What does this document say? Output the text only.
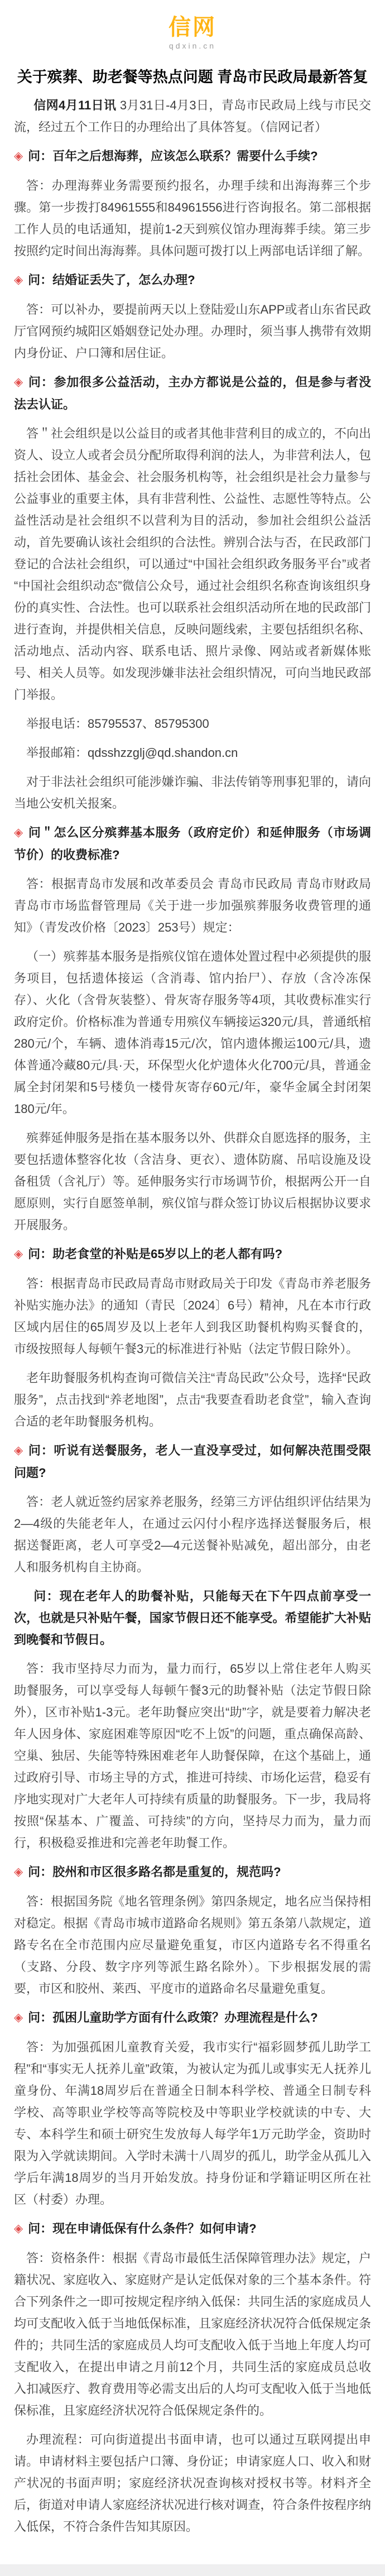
信网
qdxin.cn
关于殡葬、助老餐等热点问题 青岛市民政局最新答复

信网4月11日讯 3月31日-4月3日，青岛市民政局上线与市民交流，经过五个工作日的办理给出了具体答复。（信网记者）

◈ 问：百年之后想海葬，应该怎么联系？需要什么手续?

答：办理海葬业务需要预约报名，办理手续和出海海葬三个步骤。第一步拨打84961555和84961556进行咨询报名。第二部根据工作人员的电话通知，提前1-2天到殡仪馆办理海葬手续。第三步按照约定时间出海海葬。具体问题可拨打以上两部电话详细了解。

◈ 问：结婚证丢失了，怎么办理?

答：可以补办，要提前两天以上登陆爱山东APP或者山东省民政厅官网预约城阳区婚姻登记处办理。办理时，须当事人携带有效期内身份证、户口簿和居住证。

◈ 问：参加很多公益活动，主办方都说是公益的，但是参与者没法去认证。

答＂社会组织是以公益目的或者其他非营利目的成立的，不向出资人、设立人或者会员分配所取得利润的法人，为非营利法人，包括社会团体、基金会、社会服务机构等，社会组织是社会力量参与公益事业的重要主体，具有非营利性、公益性、志愿性等特点。公益性活动是社会组织不以营利为目的活动，参加社会组织公益活动，首先要确认该社会组织的合法性。辨别合法与否，在民政部门登记的合法社会组织，可以通过“中国社会组织政务服务平台”或者“中国社会组织动态”微信公众号，通过社会组织名称查询该组织身份的真实性、合法性。也可以联系社会组织活动所在地的民政部门进行查询，并提供相关信息，反映问题线索，主要包括组织名称、活动地点、活动内容、联系电话、照片录像、网站或者新媒体账号、相关人员等。如发现涉嫌非法社会组织情况，可向当地民政部门举报。

举报电话：85795537、85795300

举报邮箱：qdsshzzglj@qd.shandon.cn

对于非法社会组织可能涉嫌诈骗、非法传销等刑事犯罪的，请向当地公安机关报案。

◈ 问＂怎么区分殡葬基本服务（政府定价）和延伸服务（市场调节价）的收费标准?

答：根据青岛市发展和改革委员会 青岛市民政局 青岛市财政局 青岛市市场监督管理局《关于进一步加强殡葬服务收费管理的通知》（青发改价格〔2023〕253号）规定：

（一）殡葬基本服务是指殡仪馆在遗体处置过程中必须提供的服务项目，包括遗体接运（含消毒、馆内抬尸）、存放（含冷冻保存）、火化（含骨灰装整）、骨灰寄存服务等4项，其收费标准实行政府定价。价格标准为普通专用殡仪车辆接运320元/具，普通纸棺280元/个，车辆、遗体消毒15元/次，馆内遗体搬运100元/具，遗体普通冷藏80元/具·天，环保型火化炉遗体火化700元/具，普通金属全封闭架和5号楼负一楼骨灰寄存60元/年，豪华金属全封闭架180元/年。

殡葬延伸服务是指在基本服务以外、供群众自愿选择的服务，主要包括遗体整容化妆（含洁身、更衣）、遗体防腐、吊唁设施及设备租赁（含礼厅）等。延伸服务实行市场调节价，根据两公开一自愿原则，实行自愿签单制，殡仪馆与群众签订协议后根据协议要求开展服务。

◈ 问：助老食堂的补贴是65岁以上的老人都有吗?

答：根据青岛市民政局青岛市财政局关于印发《青岛市养老服务补贴实施办法》的通知（青民〔2024〕6号）精神，凡在本市行政区域内居住的65周岁及以上老年人到我区助餐机构购买餐食的，市级按照每人每顿午餐3元的标准进行补贴（法定节假日除外）。

老年助餐服务机构查询可微信关注“青岛民政”公众号，选择“民政服务”，点击找到“养老地图”，点击“我要查看助老食堂”，输入查询合适的老年助餐服务机构。

◈ 问：听说有送餐服务，老人一直没享受过，如何解决范围受限问题?

答：老人就近签约居家养老服务，经第三方评估组织评估结果为2—4级的失能老年人，在通过云闪付小程序选择送餐服务后，根据送餐距离，老人可享受2—4元送餐补贴减免，超出部分，由老人和服务机构自主协商。

问：现在老年人的助餐补贴，只能每天在下午四点前享受一次，也就是只补贴午餐，国家节假日还不能享受。希望能扩大补贴到晚餐和节假日。

答：我市坚持尽力而为，量力而行，65岁以上常住老年人购买助餐服务，可以享受每人每顿午餐3元的助餐补贴（法定节假日除外），区市补贴1-3元。老年助餐应突出“助”字，就是要着力解决老年人因身体、家庭困难等原因“吃不上饭”的问题，重点确保高龄、空巢、独居、失能等特殊困难老年人助餐保障，在这个基础上，通过政府引导、市场主导的方式，推进可持续、市场化运营，稳妥有序地实现对广大老年人可持续有质量的助餐服务。下一步，我局将按照“保基本、广覆盖、可持续”的方向，坚持尽力而为，量力而行，积极稳妥推进和完善老年助餐工作。

◈ 问：胶州和市区很多路名都是重复的，规范吗?

答：根据国务院《地名管理条例》第四条规定，地名应当保持相对稳定。根据《青岛市城市道路命名规则》第五条第八款规定，道路专名在全市范围内应尽量避免重复，市区内道路专名不得重名（支路、分段、数字序列等派生路名除外）。下步根据发展的需要，市区和胶州、莱西、平度市的道路命名尽量避免重复。

◈ 问：孤困儿童助学方面有什么政策？办理流程是什么?

答：为加强孤困儿童教育关爱，我市实行“福彩圆梦孤儿助学工程”和“事实无人抚养儿童”政策，为被认定为孤儿或事实无人抚养儿童身份、年满18周岁后在普通全日制本科学校、普通全日制专科学校、高等职业学校等高等院校及中等职业学校就读的中专、大专、本科学生和硕士研究生发放每人每学年1万元助学金，资助时限为入学就读期间。入学时未满十八周岁的孤儿，助学金从孤儿入学后年满18周岁的当月开始发放。持身份证和学籍证明区所在社区（村委）办理。

◈ 问：现在申请低保有什么条件？如何申请?

答：资格条件：根据《青岛市最低生活保障管理办法》规定，户籍状况、家庭收入、家庭财产是认定低保对象的三个基本条件。符合下列条件之一即可按规定程序纳入低保：共同生活的家庭成员人均可支配收入低于当地低保标准，且家庭经济状况符合低保规定条件的；共同生活的家庭成员人均可支配收入低于当地上年度人均可支配收入，在提出申请之月前12个月，共同生活的家庭成员总收入扣减医疗、教育费用等必需支出后的人均可支配收入低于当地低保标准，且家庭经济状况符合低保规定条件的。

办理流程：可向街道提出书面申请，也可以通过互联网提出申请。申请材料主要包括户口簿、身份证；申请家庭人口、收入和财产状况的书面声明；家庭经济状况查询核对授权书等。材料齐全后，街道对申请人家庭经济状况进行核对调查，符合条件按程序纳入低保，不符合条件告知其原因。
